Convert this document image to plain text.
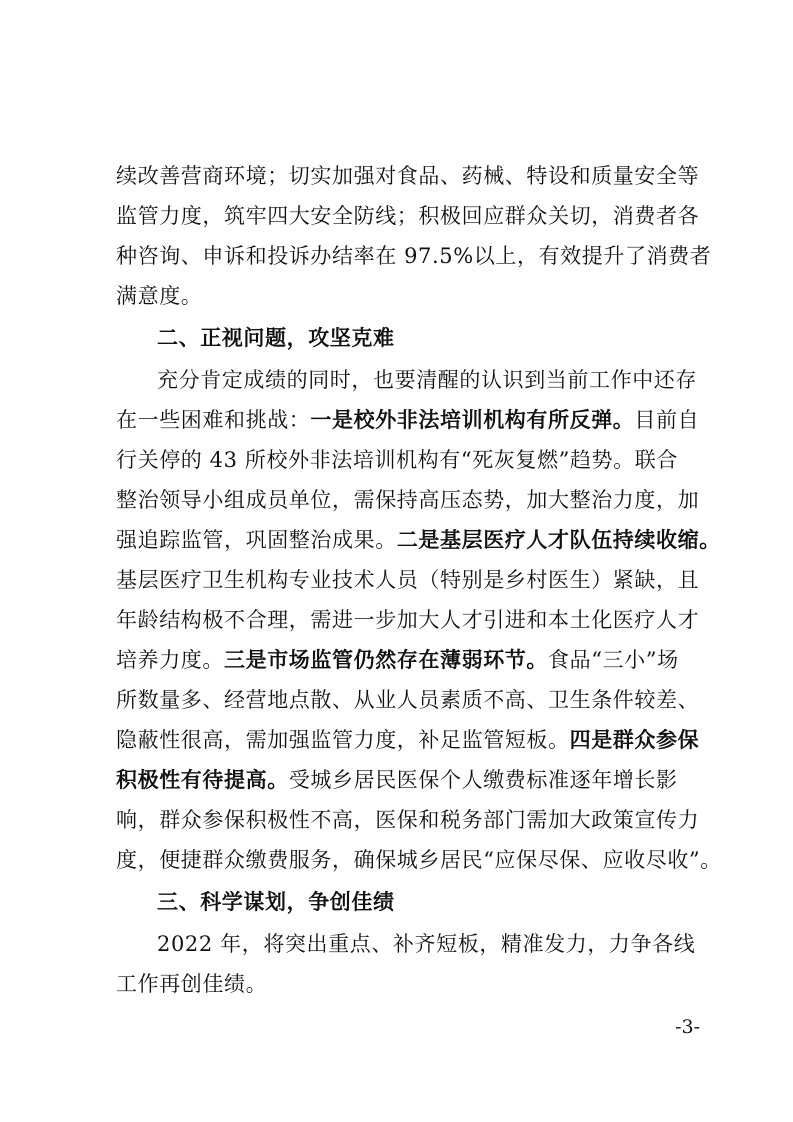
续改善营商环境；切实加强对食品、药械、特设和质量安全等
监管力度，筑牢四大安全防线；积极回应群众关切，消费者各
种咨询、申诉和投诉办结率在 97.5%以上，有效提升了消费者
满意度。
二、正视问题，攻坚克难
充分肯定成绩的同时，也要清醒的认识到当前工作中还存
在一些困难和挑战：一是校外非法培训机构有所反弹。目前自
行关停的 43 所校外非法培训机构有“死灰复燃”趋势。联合
整治领导小组成员单位，需保持高压态势，加大整治力度，加
强追踪监管，巩固整治成果。二是基层医疗人才队伍持续收缩。
基层医疗卫生机构专业技术人员（特别是乡村医生）紧缺，且
年龄结构极不合理，需进一步加大人才引进和本土化医疗人才
培养力度。三是市场监管仍然存在薄弱环节。食品“三小”场
所数量多、经营地点散、从业人员素质不高、卫生条件较差、
隐蔽性很高，需加强监管力度，补足监管短板。四是群众参保
积极性有待提高。受城乡居民医保个人缴费标准逐年增长影
响，群众参保积极性不高，医保和税务部门需加大政策宣传力
度，便捷群众缴费服务，确保城乡居民“应保尽保、应收尽收”。
三、科学谋划，争创佳绩
2022 年，将突出重点、补齐短板，精准发力，力争各线
工作再创佳绩。
-3-
